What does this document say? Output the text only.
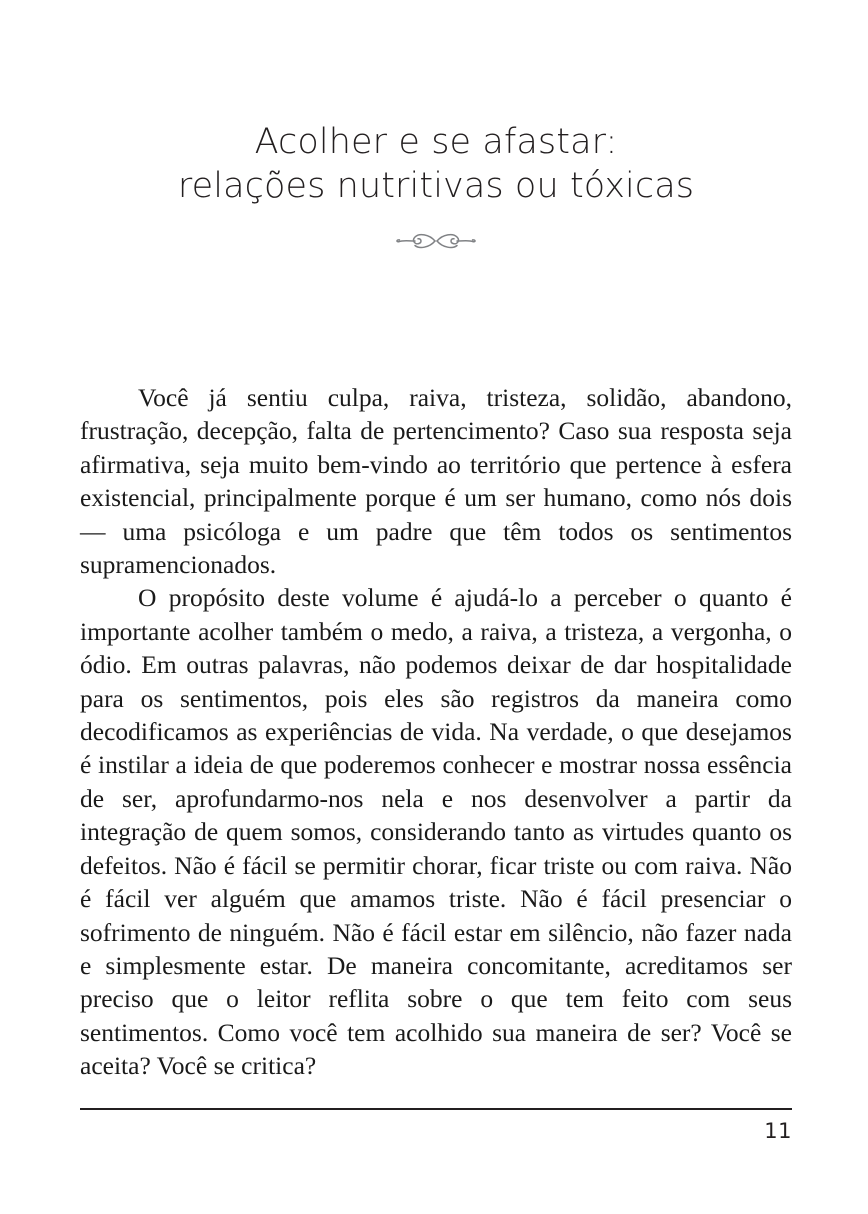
Acolher e se afastar:
relações nutritivas ou tóxicas

Você já sentiu culpa, raiva, tristeza, solidão, abandono, frustração, decepção, falta de pertencimento? Caso sua resposta seja afirmativa, seja muito bem-vindo ao território que pertence à esfera existencial, principalmente porque é um ser humano, como nós dois — uma psicóloga e um padre que têm todos os sentimentos supramencionados.

O propósito deste volume é ajudá-lo a perceber o quanto é importante acolher também o medo, a raiva, a tristeza, a vergonha, o ódio. Em outras palavras, não podemos deixar de dar hospitalidade para os sentimentos, pois eles são registros da maneira como decodificamos as experiências de vida. Na verdade, o que desejamos é instilar a ideia de que poderemos conhecer e mostrar nossa essência de ser, aprofundarmo-nos nela e nos desenvolver a partir da integração de quem somos, considerando tanto as virtudes quanto os defeitos. Não é fácil se permitir chorar, ficar triste ou com raiva. Não é fácil ver alguém que amamos triste. Não é fácil presenciar o sofrimento de ninguém. Não é fácil estar em silêncio, não fazer nada e simplesmente estar. De maneira concomitante, acreditamos ser preciso que o leitor reflita sobre o que tem feito com seus sentimentos. Como você tem acolhido sua maneira de ser? Você se aceita? Você se critica?

11
